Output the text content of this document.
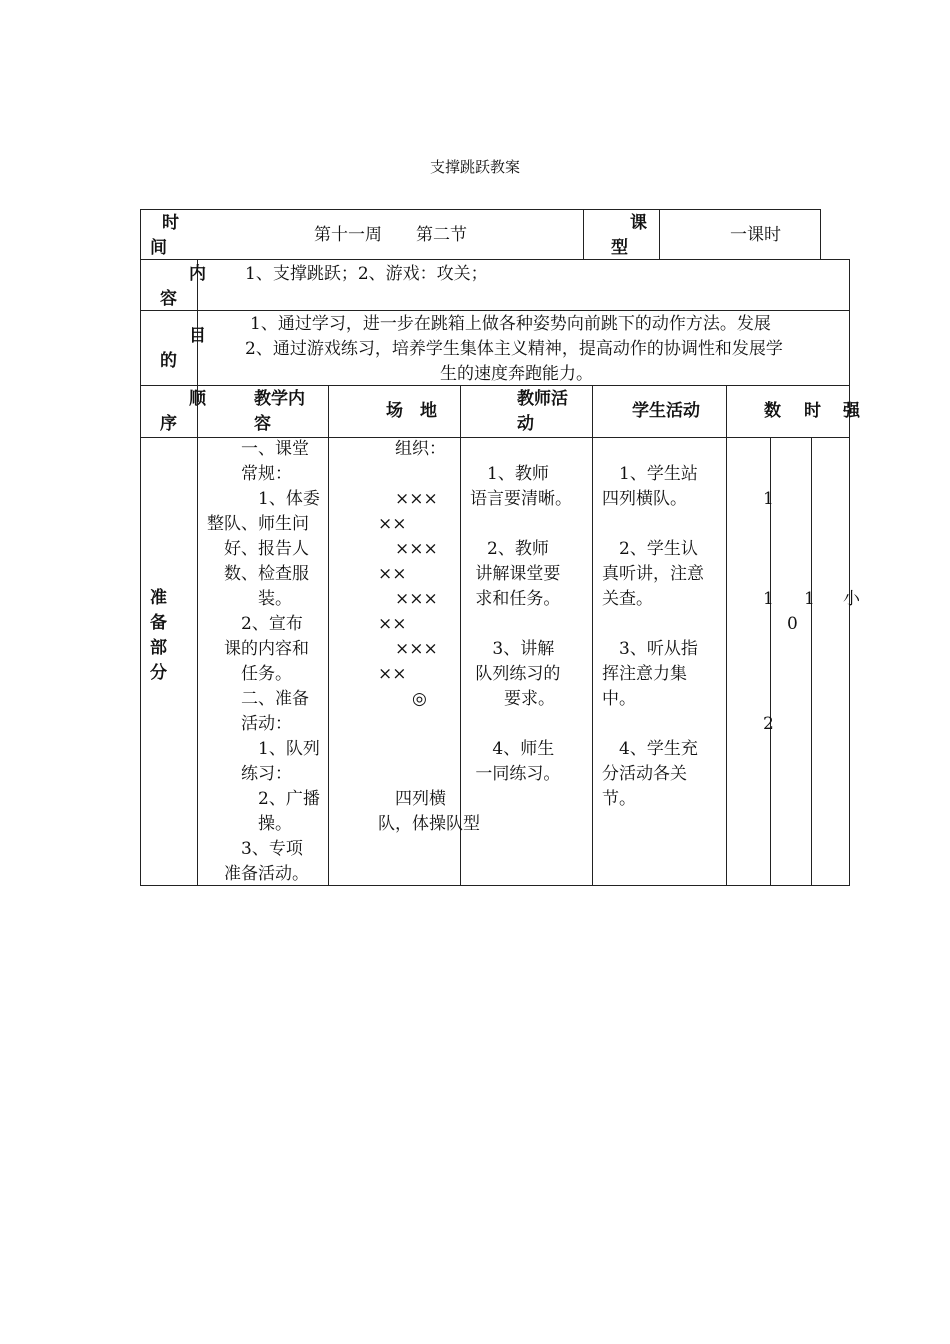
支撑跳跃教案
时
间
第十一周　　第二节
课
型
一课时
内
容
1、支撑跳跃；2、游戏：攻关；
目
的
1、通过学习，进一步在跳箱上做各种姿势向前跳下的动作方法。发展
2、通过游戏练习，培养学生集体主义精神，提高动作的协调性和发展学
生的速度奔跑能力。
顺
序
教学内
容
场　地
教师活
动
学生活动	数 时 强
准
备
部
分
　　一、课堂
　　常规：
　　　1、体委
整队、师生问
　好、报告人
　数、检查服
　　　装。
　　2、宣布
　课的内容和
　　任务。
　　二、准备
　　活动：
　　　1、队列
　　练习：
　　　2、广播
　　　操。
　　3、专项
　准备活动。
　组织：
　×××
××
　×××
××
　×××
××
　×××
××
　　◎
　四列横
队，体操队型
　1、教师
语言要清晰。
　2、教师
讲解课堂要
求和任务。
　3、讲解
队列练习的
　　要求。
　4、师生
一同练习。
　1、学生站
四列横队。
　2、学生认
真听讲，注意
关查。
　3、听从指
挥注意力集
中。
　4、学生充
分活动各关
节。
1
1
2
1
0
小
